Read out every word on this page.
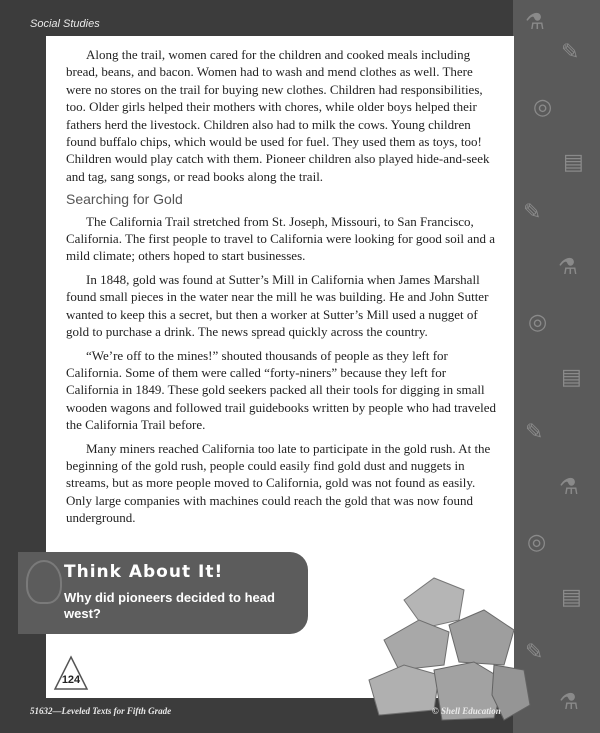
⚗
✎
◎
▤
✎
⚗
◎
▤
✎
⚗
◎
▤
✎
⚗
Social Studies

Along the trail, women cared for the children and cooked meals including bread, beans, and bacon. Women had to wash and mend clothes as well. There were no stores on the trail for buying new clothes. Children had responsibilities, too. Older girls helped their mothers with chores, while older boys helped their fathers herd the livestock. Children also had to milk the cows. Young children found buffalo chips, which would be used for fuel. They used them as toys, too! Children would play catch with them. Pioneer children also played hide-and-seek and tag, sang songs, or read books along the trail.

Searching for Gold

The California Trail stretched from St. Joseph, Missouri, to San Francisco, California. The first people to travel to California were looking for good soil and a mild climate; others hoped to start businesses.

In 1848, gold was found at Sutter’s Mill in California when James Marshall found small pieces in the water near the mill he was building. He and John Sutter wanted to keep this a secret, but then a worker at Sutter’s Mill used a nugget of gold to purchase a drink. The news spread quickly across the country.

“We’re off to the mines!” shouted thousands of people as they left for California. Some of them were called “forty-niners” because they left for California in 1849. These gold seekers packed all their tools for digging in small wooden wagons and followed trail guidebooks written by people who had traveled the California Trail before.

Many miners reached California too late to participate in the gold rush. At the beginning of the gold rush, people could easily find gold dust and nuggets in streams, but as more people moved to California, gold was not found as easily. Only large companies with machines could reach the gold that was now found underground.

Think About It!
Why did pioneers decided to head west?
124
51632—Leveled Texts for Fifth Grade	© Shell Education
